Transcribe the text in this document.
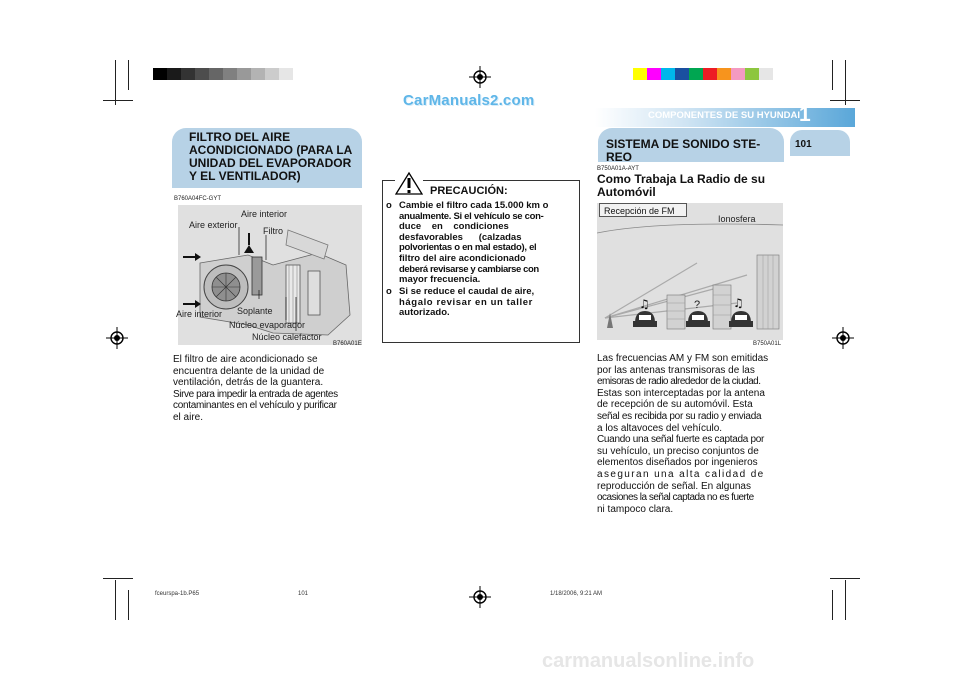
CarManuals2.com
carmanualsonline.info
COMPONENTES DE SU HYUNDAI
1
101
FILTRO DEL AIRE
ACONDICIONADO (PARA LA
UNIDAD DEL EVAPORADOR
Y EL VENTILADOR)
B760A04FC-GYT
Aire interior
Aire exterior
Filtro
Aire interior Soplante
Núcleo evaporador
Núcleo calefactor
B760A01E
El filtro de aire acondicionado se
encuentra delante de la unidad de
ventilación, detrás de la guantera.
Sirve para impedir la entrada de agentes
contaminantes en el vehículo y purificar
el aire.
PRECAUCIÓN:
o Cambie el filtro cada 15.000 km o
anualmente. Si el vehículo se con-
duce    en    condiciones
desfavorables      (calzadas
polvorientas o en mal estado), el
filtro del aire acondicionado
deberá revisarse y cambiarse con
mayor frecuencia.
o Si se reduce el caudal de aire,
hágalo revisar en un taller
autorizado.
SISTEMA DE SONIDO STE-
REO
B750A01A-AYT
Como Trabaja La Radio de su
Automóvil
♫	♫
Recepción de FM
Ionosfera
?
B750A01L
Las frecuencias AM y FM son emitidas
por las antenas transmisoras de las
emisoras de radio alrededor de la ciudad.
Estas son interceptadas por la antena
de recepción de su automóvil. Esta
señal es recibida por su radio y enviada
a los altavoces del vehículo.
Cuando una señal fuerte es captada por
su vehículo, un preciso conjuntos de
elementos diseñados por ingenieros
aseguran una alta calidad de
reproducción de señal. En algunas
ocasiones la señal captada no es fuerte
ni tampoco clara.
fceurspa-1b.P65	101	1/18/2006, 9:21 AM
